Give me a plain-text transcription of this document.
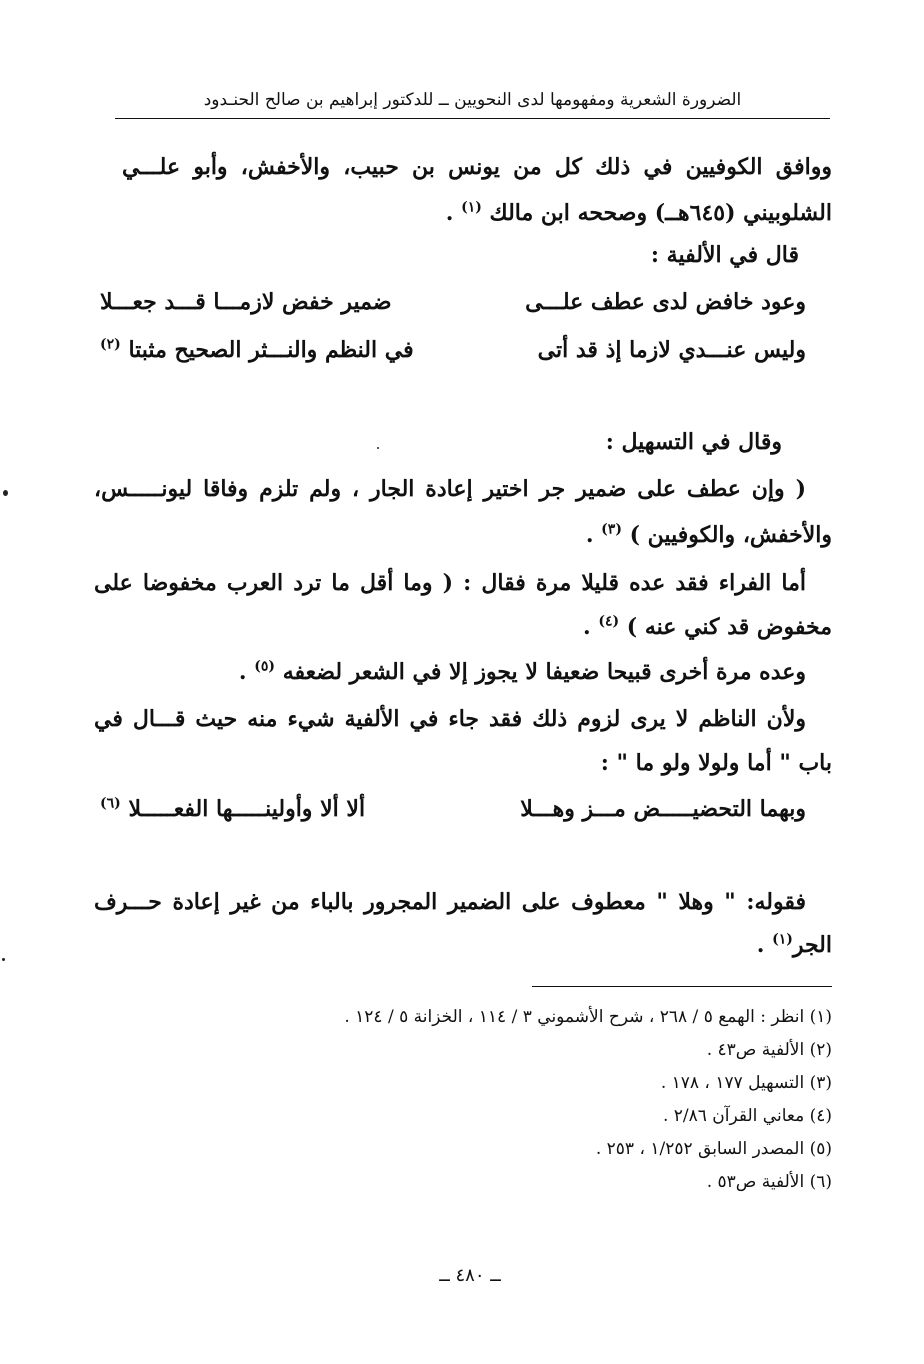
الضرورة الشعرية ومفهومها لدى النحويين ــ للدكتور إبراهيم بن صالح الحنـدود
ووافق الكوفيين في ذلك كل من يونس بن حبيب، والأخفش، وأبو علـــي
الشلوبيني (٦٤٥هــ) وصححه ابن مالك $^{(١)}$ .
قال في الألفية :
وعود خافض لدى عطف علـــى
ضمير خفض لازمـــا قـــد جعـــلا
وليس عنـــدي لازما إذ قد أتى
في النظم والنـــثر الصحيح مثبتا $^{(٢)}$
وقال في التسهيل :
( وإن عطف على ضمير جر اختير إعادة الجار ، ولم تلزم وفاقا ليونـــــس،
والأخفش، والكوفيين ) $^{(٣)}$ .
أما الفراء فقد عده قليلا مرة فقال : ( وما أقل ما ترد العرب مخفوضا على
مخفوض قد كني عنه ) $^{(٤)}$ .
وعده مرة أخرى قبيحا ضعيفا لا يجوز إلا في الشعر لضعفه $^{(٥)}$ .
ولأن الناظم لا يرى لزوم ذلك فقد جاء في الألفية شيء منه حيث قـــال في
باب " أما ولولا ولو ما " :
وبهما التحضيـــــض مـــز وهـــلا
ألا ألا وأولينـــــها الفعـــــلا $^{(٦)}$
فقوله: " وهلا " معطوف على الضمير المجرور بالباء من غير إعادة حـــرف
الجر$^{(١)}$ .
(١) انظر : الهمع ٥ / ٢٦٨ ، شرح الأشموني ٣ / ١١٤ ، الخزانة ٥ / ١٢٤ .
(٢) الألفية ص٤٣ .
(٣) التسهيل ١٧٧ ، ١٧٨ .
(٤) معاني القرآن ٢/٨٦ .
(٥) المصدر السابق ١/٢٥٢ ، ٢٥٣ .
(٦) الألفية ص٥٣ .
ــ ٤٨٠ ــ
